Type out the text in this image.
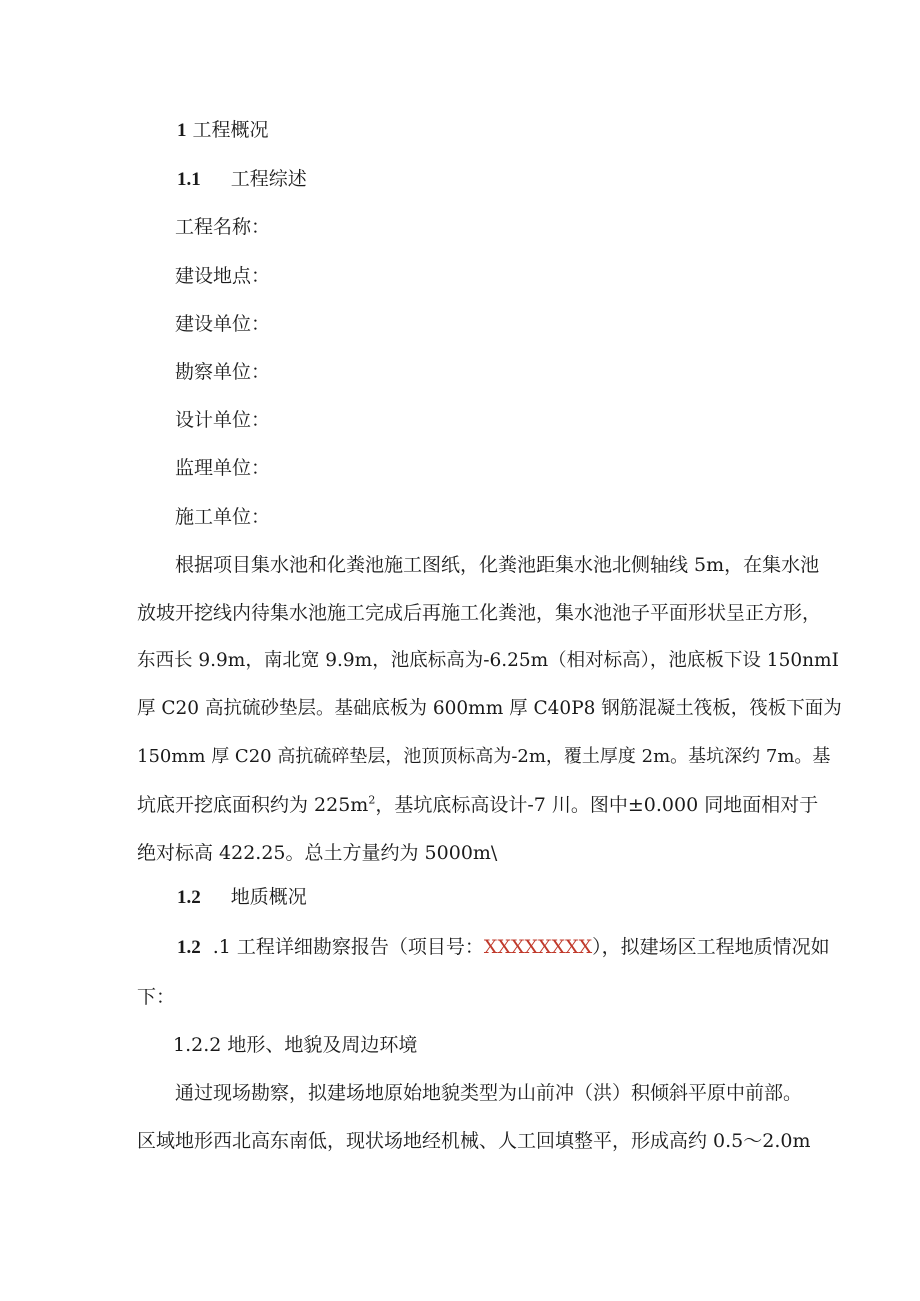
1 工程概况
1.1 工程综述
工程名称：
建设地点：
建设单位：
勘察单位：
设计单位：
监理单位：
施工单位：
根据项目集水池和化粪池施工图纸，化粪池距集水池北侧轴线 5m，在集水池
放坡开挖线内待集水池施工完成后再施工化粪池，集水池池子平面形状呈正方形，
东西长 9.9m，南北宽 9.9m，池底标高为-6.25m（相对标高），池底板下设 150nmI
厚 C20 高抗硫砂垫层。基础底板为 600mm 厚 C40P8 钢筋混凝土筏板，筏板下面为
150mm 厚 C20 高抗硫碎垫层，池顶顶标高为-2m，覆土厚度 2m。基坑深约 7m。基
坑底开挖底面积约为 $225m^2$，基坑底标高设计-7 川。图中±0.000 同地面相对于
绝对标高 422.25。总土方量约为 5000m\
1.2 地质概况
1.2 .1 工程详细勘察报告（项目号：XXXXXXXX），拟建场区工程地质情况如
下：
1.2.2 地形、地貌及周边环境
通过现场勘察，拟建场地原始地貌类型为山前冲（洪）积倾斜平原中前部。
区域地形西北高东南低，现状场地经机械、人工回填整平，形成高约 0.5～2.0m
